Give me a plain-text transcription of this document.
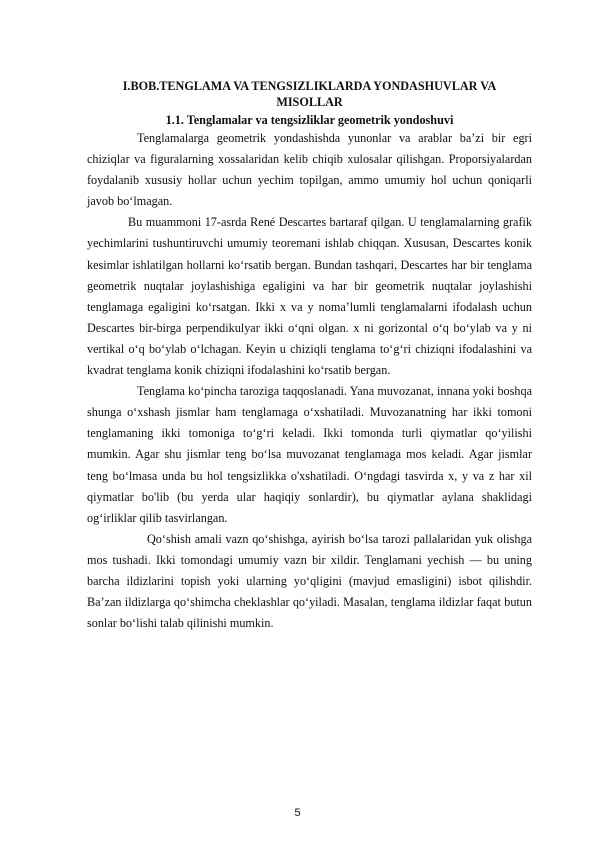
I.BOB.TENGLAMA VA TENGSIZLIKLARDA YONDASHUVLAR VA MISOLLAR
1.1. Tenglamalar va tengsizliklar geometrik yondoshuvi

Tenglamalarga geometrik yondashishda yunonlar va arablar baʼzi bir egri chiziqlar va figuralarning xossalaridan kelib chiqib xulosalar qilishgan. Proporsiyalardan foydalanib xususiy hollar uchun yechim topilgan, ammo umumiy hol uchun qoniqarli javob boʻlmagan.

Bu muammoni 17-asrda René Descartes bartaraf qilgan. U tenglamalarning grafik yechimlarini tushuntiruvchi umumiy teoremani ishlab chiqqan. Xususan, Descartes konik kesimlar ishlatilgan hollarni koʻrsatib bergan. Bundan tashqari, Descartes har bir tenglama geometrik nuqtalar joylashishiga egaligini va har bir geometrik nuqtalar joylashishi tenglamaga egaligini koʻrsatgan. Ikki x va y nomaʼlumli tenglamalarni ifodalash uchun Descartes bir-birga perpendikulyar ikki oʻqni olgan. x ni gorizontal oʻq boʻylab va y ni vertikal oʻq boʻylab oʻlchagan. Keyin u chiziqli tenglama toʻgʻri chiziqni ifodalashini va kvadrat tenglama konik chiziqni ifodalashini koʻrsatib bergan.

Tenglama koʻpincha taroziga taqqoslanadi. Yana muvozanat, innana yoki boshqa shunga oʻxshash jismlar ham tenglamaga oʻxshatiladi. Muvozanatning har ikki tomoni tenglamaning ikki tomoniga toʻgʻri keladi. Ikki tomonda turli qiymatlar qoʻyilishi mumkin. Agar shu jismlar teng boʻlsa muvozanat tenglamaga mos keladi. Agar jismlar teng boʻlmasa unda bu hol tengsizlikka o'xshatiladi. Oʻngdagi tasvirda x, y va z har xil qiymatlar bo'lib (bu yerda ular haqiqiy sonlardir), bu qiymatlar aylana shaklidagi ogʻirliklar qilib tasvirlangan.

Qoʻshish amali vazn qoʻshishga, ayirish boʻlsa tarozi pallalaridan yuk olishga mos tushadi. Ikki tomondagi umumiy vazn bir xildir. Tenglamani yechish — bu uning barcha ildizlarini topish yoki ularning yoʻqligini (mavjud emasligini) isbot qilishdir. Baʼzan ildizlarga qoʻshimcha cheklashlar qoʻyiladi. Masalan, tenglama ildizlar faqat butun sonlar boʻlishi talab qilinishi mumkin.

5
